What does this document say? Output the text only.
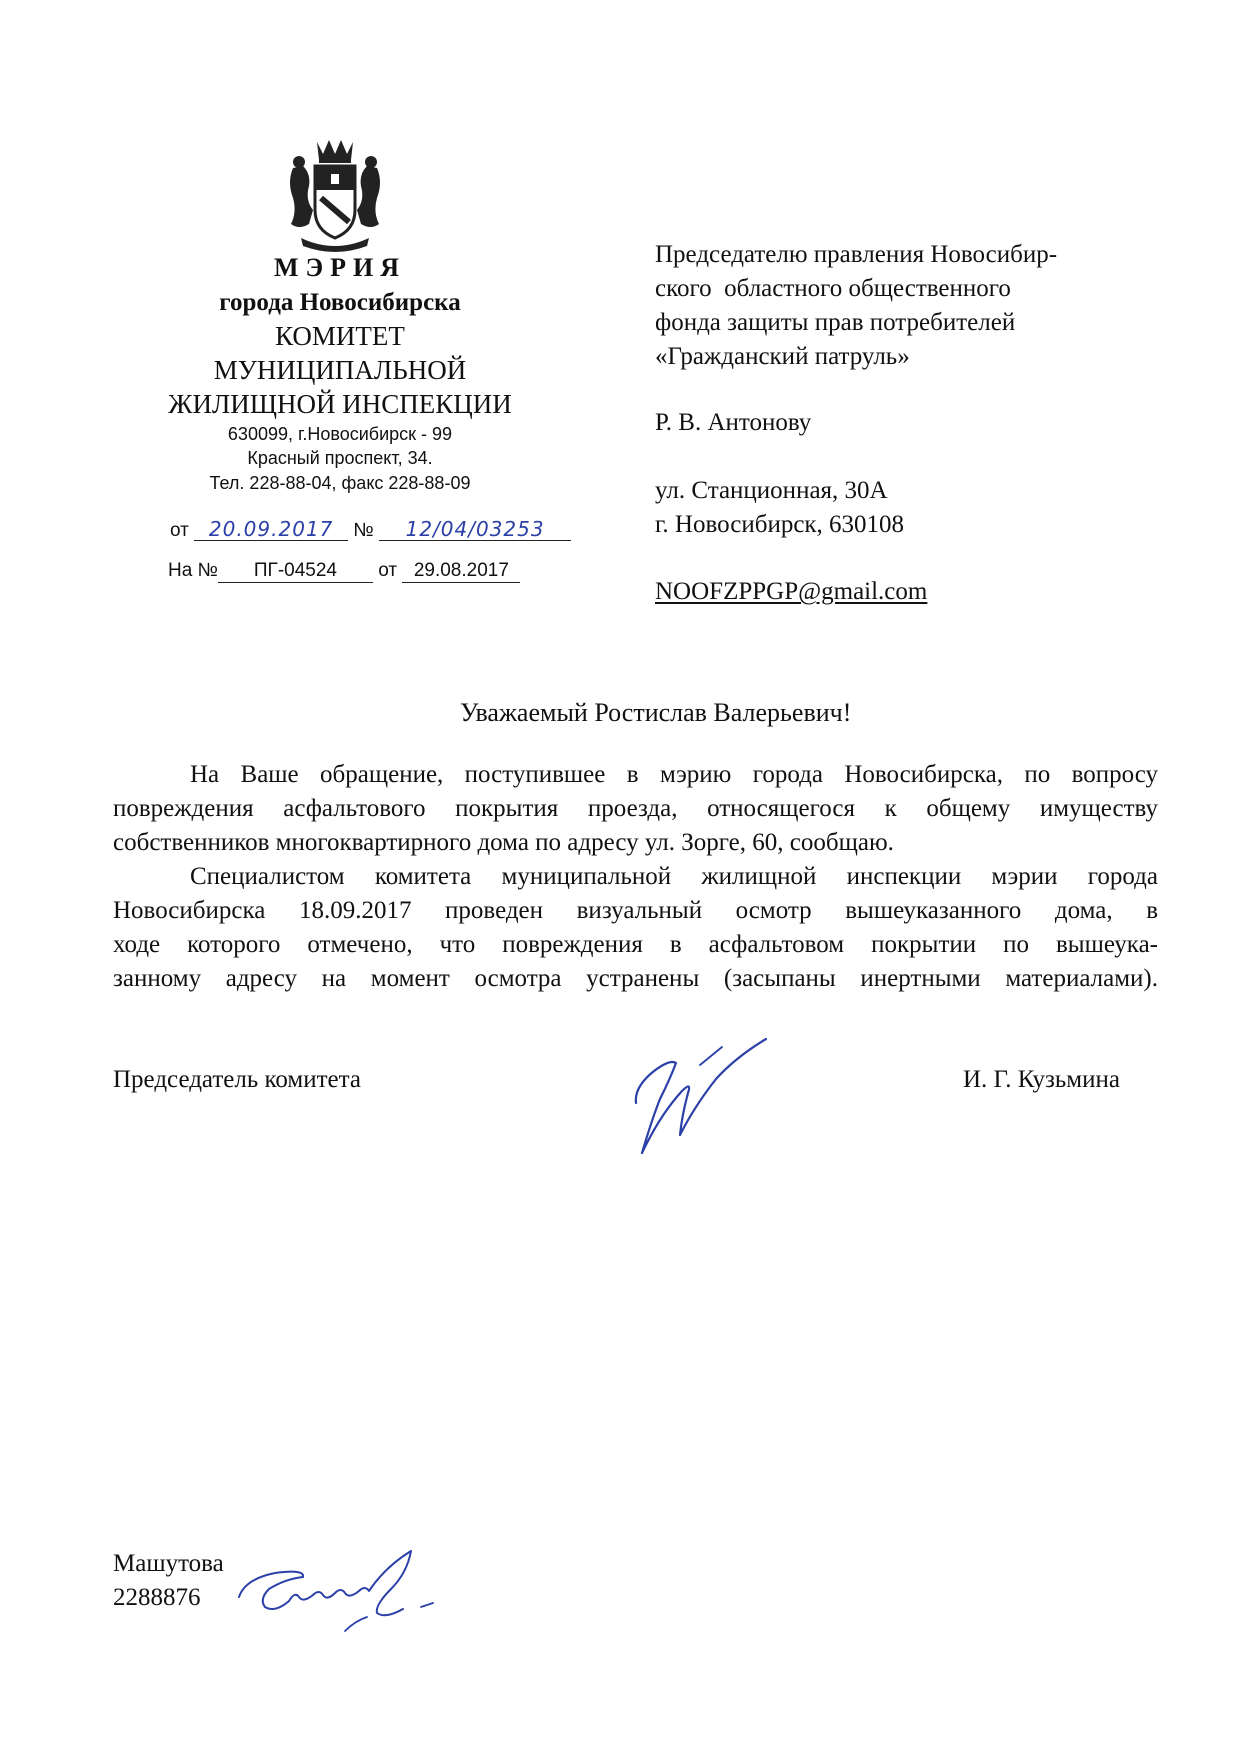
МЭРИЯ
города Новосибирска
КОМИТЕТ
МУНИЦИПАЛЬНОЙ
ЖИЛИЩНОЙ ИНСПЕКЦИИ
630099, г.Новосибирск - 99
Красный проспект, 34.
Тел. 228-88-04, факс 228-88-09
от 20.09.2017 № 12/04/03253
На № ПГ-04524 от 29.08.2017
Председателю правления Новосибир-
ского  областного общественного
фонда защиты прав потребителей
«Гражданский патруль»
Р. В. Антонову
ул. Станционная, 30А
г. Новосибирск, 630108
NOOFZPPGP@gmail.com
Уважаемый Ростислав Валерьевич!
На Ваше обращение, поступившее в мэрию города Новосибирска, по вопросу
повреждения асфальтового покрытия проезда, относящегося к общему имуществу
собственников многоквартирного дома по адресу ул. Зорге, 60, сообщаю.
Специалистом комитета муниципальной жилищной инспекции мэрии города
Новосибирска 18.09.2017 проведен визуальный осмотр вышеуказанного дома, в
ходе которого отмечено, что повреждения в асфальтовом покрытии по вышеука-
занному адресу на момент осмотра устранены (засыпаны инертными материалами).
Председатель комитета	И. Г. Кузьмина
Машутова
2288876
